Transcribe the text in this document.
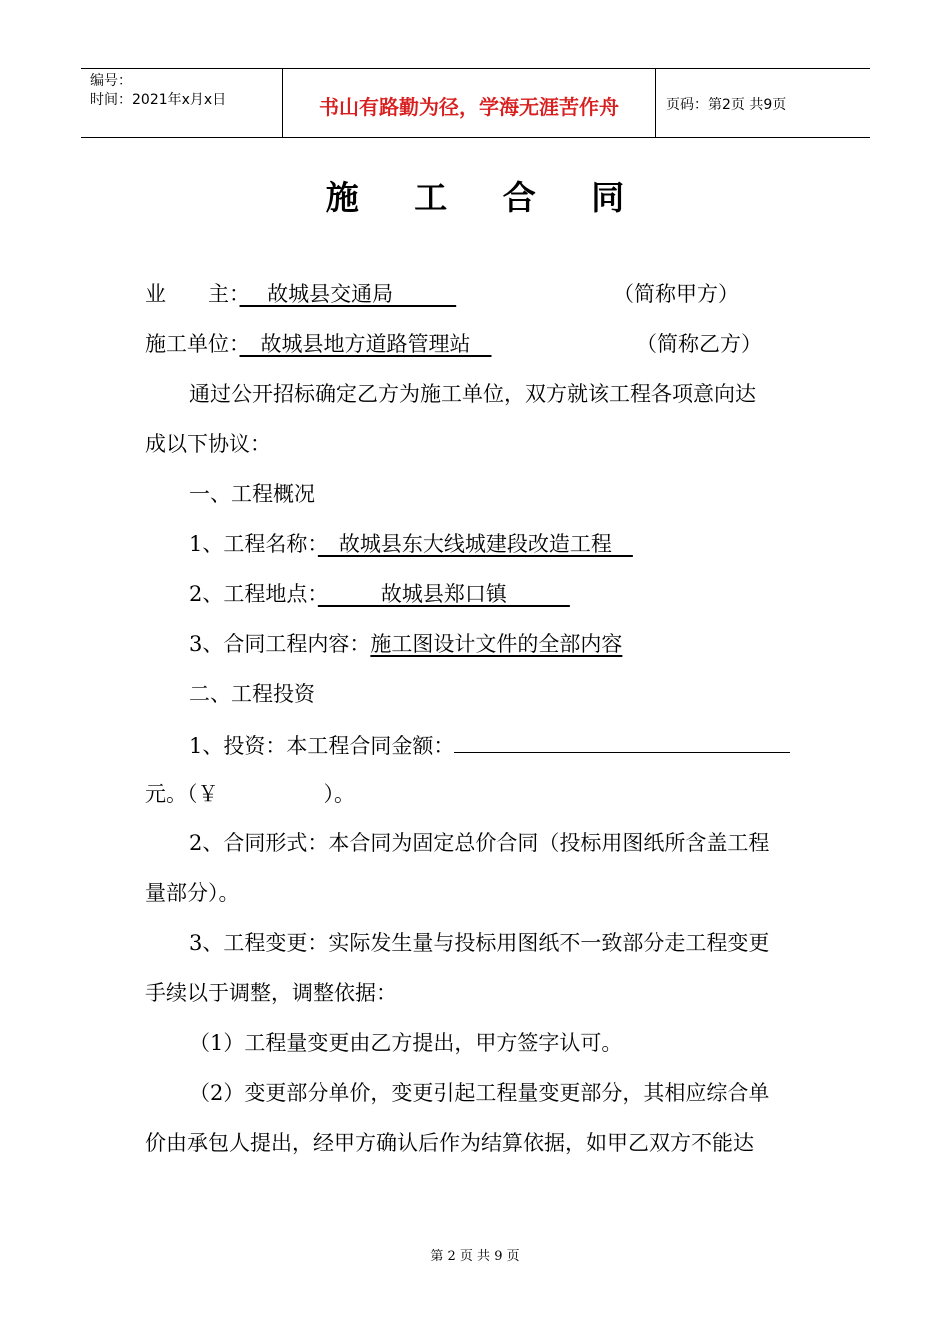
编号：
时间：2021年x月x日	书山有路勤为径，学海无涯苦作舟	页码：第2页 共9页
施 工 合 同
业　　主：　 故城县交通局　　　	（简称甲方）
施工单位：　故城县地方道路管理站　	（简称乙方）
通过公开招标确定乙方为施工单位，双方就该工程各项意向达
成以下协议：
一、工程概况
1、工程名称：　故城县东大线城建段改造工程　
2、工程地点：　　　故城县郑口镇　　　
3、合同工程内容：施工图设计文件的全部内容
二、工程投资
1、投资：本工程合同金额：
元。（￥　　　　　）。
2、合同形式：本合同为固定总价合同（投标用图纸所含盖工程
量部分）。
3、工程变更：实际发生量与投标用图纸不一致部分走工程变更
手续以于调整，调整依据：
（1）工程量变更由乙方提出，甲方签字认可。
（2）变更部分单价，变更引起工程量变更部分，其相应综合单
价由承包人提出，经甲方确认后作为结算依据，如甲乙双方不能达
第 2 页 共 9 页
